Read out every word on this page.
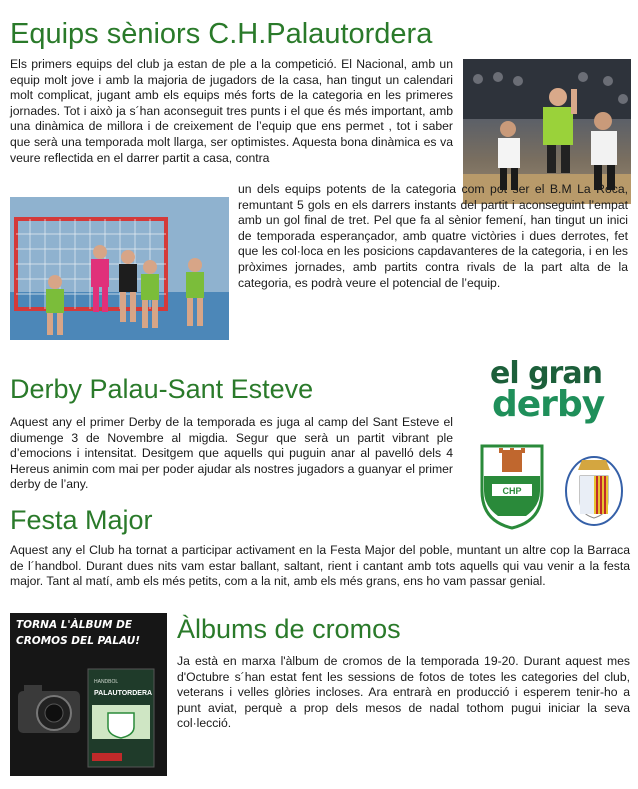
Equips sèniors C.H.Palautordera

Els primers equips del club ja estan de ple a la competició. El Nacional, amb un equip molt jove i amb la majoria de jugadors de la casa, han tingut un calendari molt complicat, jugant amb els equips més forts de la categoria en les primeres jornades. Tot i això ja s´han aconseguit tres punts i el que és més important, amb una dinàmica de millora i de creixement de l’equip que ens permet , tot i saber que serà una temporada molt llarga, ser optimistes. Aquesta bona dinàmica es va veure reflectida en el darrer partit a casa, contra

un dels equips potents de la categoria com pot ser el B.M La Roca, remuntant 5 gols en els darrers instants del partit i aconseguint l’empat amb un gol final de tret. Pel que fa al sènior femení, han tingut un inici de temporada esperançador, amb quatre victòries i dues derrotes, fet que les col·loca en les posicions capdavanteres de la categoria, i en les pròximes jornades, amb partits contra rivals de la part alta de la categoria, es podrà veure el potencial de l’equip.

Derby Palau-Sant Esteve

Aquest any el primer Derby de la temporada es juga al camp del Sant Esteve el diumenge 3 de Novembre al migdia. Segur que serà un partit vibrant ple d’emocions i intensitat. Desitgem que aquells qui puguin anar al pavelló dels 4 Hereus animin com mai per poder ajudar als nostres jugadors a guanyar el primer derby de l’any.

el gran
derby
CHP
Festa Major

Aquest any el Club ha tornat a participar activament en la Festa Major del poble, muntant un altre cop la Barraca de l´handbol. Durant dues nits vam estar ballant, saltant, rient i cantant amb tots aquells qui vau venir a la festa major. Tant al matí, amb els més petits, com a la nit, amb els més grans, ens ho vam passar genial.

TORNA L'ÀLBUM DE
CROMOS DEL PALAU!
HANDBOL
PALAUTORDERA
Àlbums de cromos

Ja està en marxa l'àlbum de cromos de la temporada 19-20. Durant aquest mes d'Octubre s´han estat fent les sessions de fotos de totes les categories del club, veterans i velles glòries incloses. Ara entrarà en producció i esperem tenir-ho a punt aviat, perquè a prop dels mesos de nadal tothom pugui iniciar la seva col·lecció.
